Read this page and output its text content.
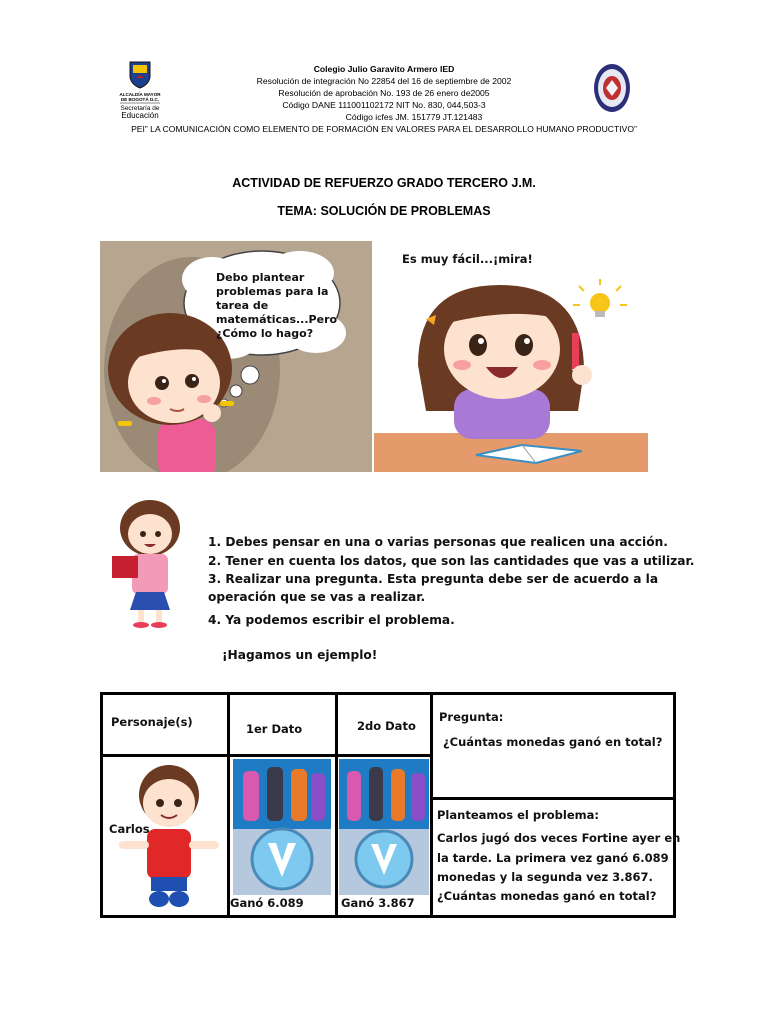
ALCALDÍA MAYOR
DE BOGOTÁ D.C.
Secretaría de
Educación
Colegio Julio Garavito Armero IED
Resolución de integración No 22854 del 16 de septiembre de 2002
Resolución de aprobación No. 193 de 26 enero de2005
Código DANE 111001102172 NIT No. 830, 044,503-3
Código icfes JM. 151779 JT.121483
PEI” LA COMUNICACIÓN COMO ELEMENTO DE FORMACIÓN EN VALORES PARA EL DESARROLLO HUMANO PRODUCTIVO”
ACTIVIDAD DE REFUERZO GRADO TERCERO J.M.
TEMA: SOLUCIÓN DE PROBLEMAS
Debo plantear
problemas para la
tarea de
matemáticas...Pero
¿Cómo lo hago?
Es muy fácil...¡mira!
1. Debes pensar en una o varias personas que realicen una acción.
2. Tener en cuenta los datos, que son las cantidades que vas a utilizar.
3. Realizar una pregunta. Esta pregunta debe ser de acuerdo a la
operación que se vas a realizar.
4. Ya podemos escribir el problema.
¡Hagamos un ejemplo!
Personaje(s)	1er Dato	2do Dato
Pregunta:
¿Cuántas monedas ganó en total?
Carlos
Ganó 6.089	Ganó 3.867
Planteamos el problema:
Carlos jugó dos veces Fortine ayer en
la tarde. La primera vez ganó 6.089
monedas y la segunda vez 3.867.
¿Cuántas monedas ganó en total?
